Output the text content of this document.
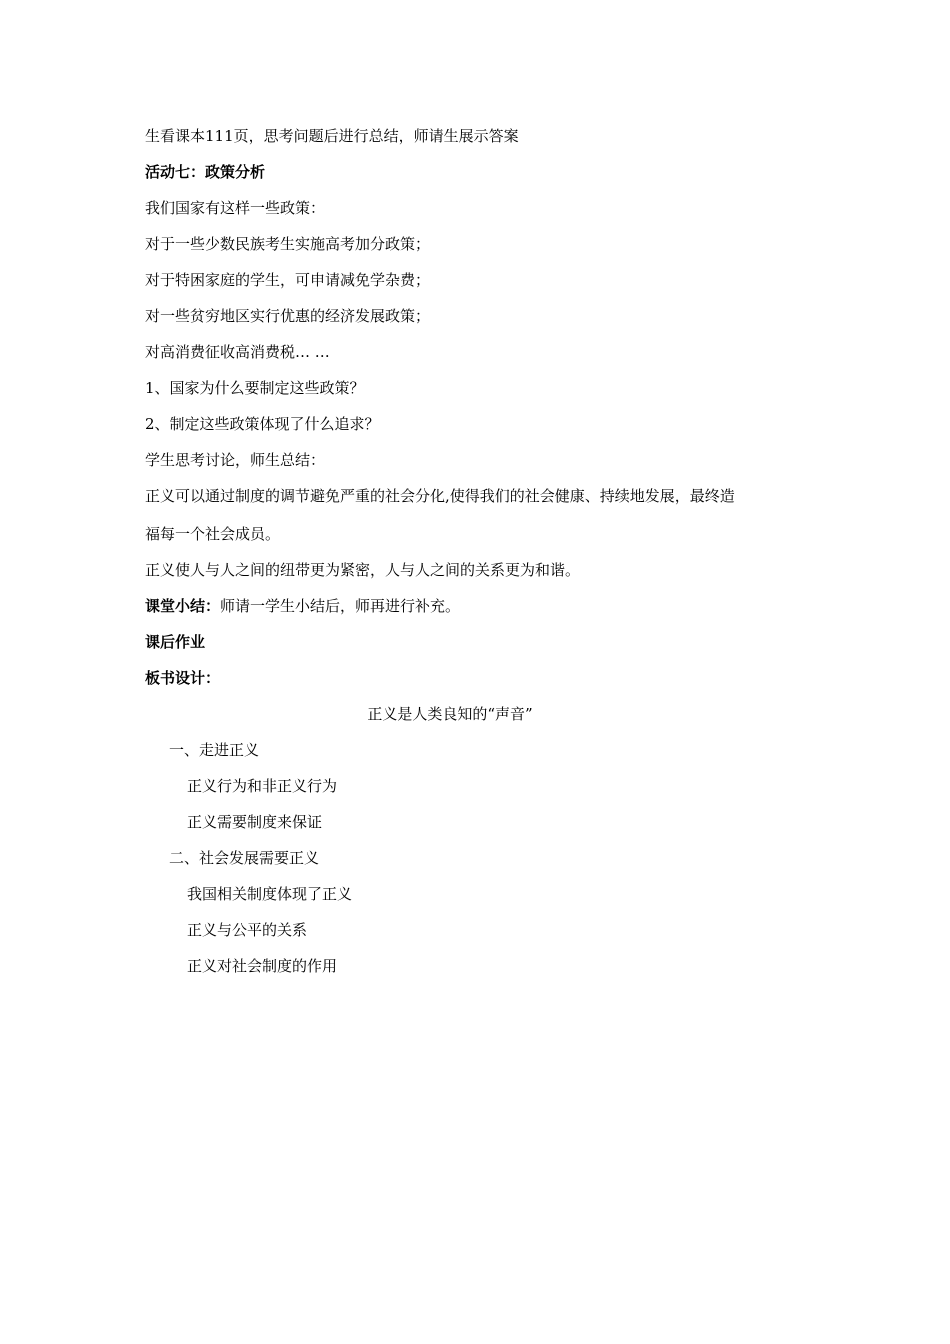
生看课本111页，思考问题后进行总结，师请生展示答案
活动七：政策分析
我们国家有这样一些政策：
对于一些少数民族考生实施高考加分政策；
对于特困家庭的学生，可申请减免学杂费；
对一些贫穷地区实行优惠的经济发展政策；
对高消费征收高消费税… …
1、国家为什么要制定这些政策？
2、制定这些政策体现了什么追求？
学生思考讨论，师生总结：
正义可以通过制度的调节避免严重的社会分化,使得我们的社会健康、持续地发展，最终造
福每一个社会成员。
正义使人与人之间的纽带更为紧密，人与人之间的关系更为和谐。
课堂小结：师请一学生小结后，师再进行补充。
课后作业
板书设计：
正义是人类良知的“声音”
一、走进正义
正义行为和非正义行为
正义需要制度来保证
二、社会发展需要正义
我国相关制度体现了正义
正义与公平的关系
正义对社会制度的作用
